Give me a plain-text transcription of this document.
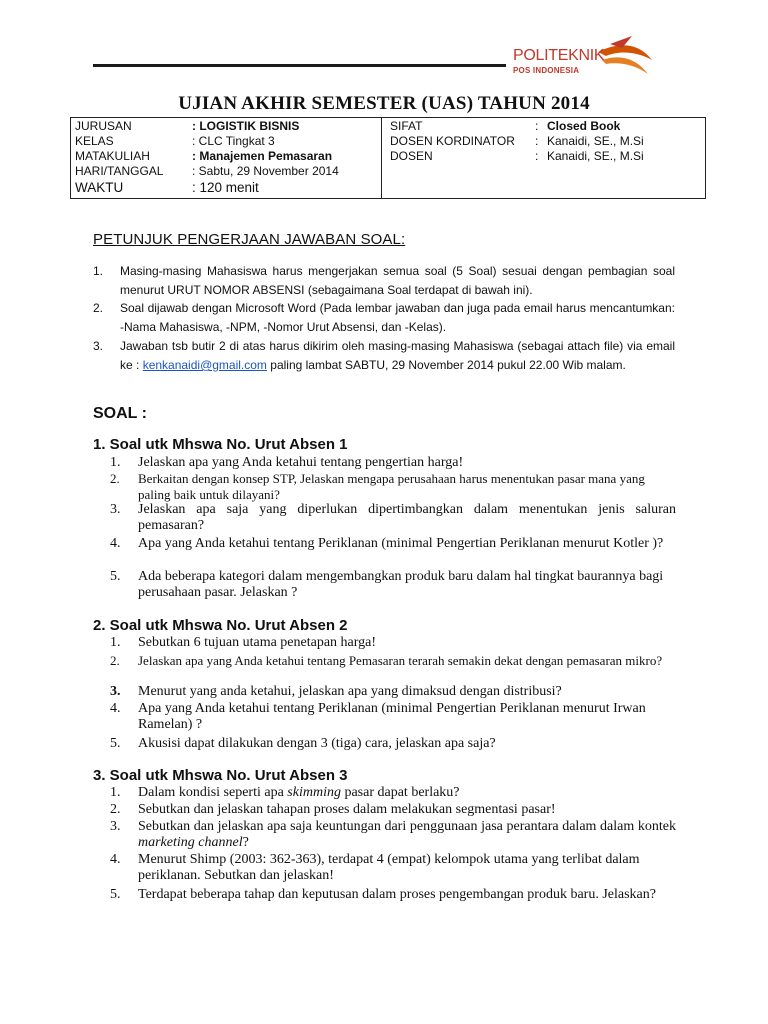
POLITEKNIK
POS INDONESIA
UJIAN AKHIR SEMESTER (UAS) TAHUN 2014
JURUSAN	: LOGISTIK BISNIS
KELAS	: CLC Tingkat 3
MATAKULIAH	: Manajemen Pemasaran
HARI/TANGGAL : Sabtu, 29 November 2014
WAKTU	: 120 menit
SIFAT	: Closed Book
DOSEN KORDINATOR : Kanaidi, SE., M.Si
DOSEN	: Kanaidi, SE., M.Si
PETUNJUK PENGERJAAN JAWABAN SOAL:
1. Masing-masing Mahasiswa harus mengerjakan semua soal (5 Soal) sesuai dengan pembagian soal menurut URUT NOMOR ABSENSI (sebagaimana Soal terdapat di bawah ini).
2. Soal dijawab dengan Microsoft Word (Pada lembar jawaban dan juga pada email harus mencantumkan: -Nama Mahasiswa, -NPM, -Nomor Urut Absensi, dan -Kelas).
3. Jawaban tsb butir 2 di atas harus dikirim oleh masing-masing Mahasiswa (sebagai attach file) via email ke : kenkanaidi@gmail.com paling lambat SABTU, 29 November 2014 pukul 22.00 Wib malam.
SOAL :
1. Soal utk Mhswa No. Urut Absen 1
1. Jelaskan apa yang Anda ketahui tentang pengertian harga!
2. Berkaitan dengan konsep STP, Jelaskan mengapa perusahaan harus menentukan pasar mana yang paling baik untuk dilayani?
3. Jelaskan apa saja yang diperlukan dipertimbangkan dalam menentukan jenis saluran pemasaran?
4. Apa yang Anda ketahui tentang Periklanan (minimal Pengertian Periklanan menurut Kotler )?
5. Ada beberapa kategori dalam mengembangkan produk baru dalam hal tingkat baurannya bagi perusahaan pasar. Jelaskan ?
2. Soal utk Mhswa No. Urut Absen 2
1. Sebutkan 6 tujuan utama penetapan harga!
2. Jelaskan apa yang Anda ketahui tentang Pemasaran terarah semakin dekat dengan pemasaran mikro?
3. Menurut yang anda ketahui, jelaskan apa yang dimaksud dengan distribusi?
4. Apa yang Anda ketahui tentang Periklanan (minimal Pengertian Periklanan menurut Irwan Ramelan) ?
5. Akusisi dapat dilakukan dengan 3 (tiga) cara, jelaskan apa saja?
3. Soal utk Mhswa No. Urut Absen 3
1. Dalam kondisi seperti apa skimming pasar dapat berlaku?
2. Sebutkan dan jelaskan tahapan proses dalam melakukan segmentasi pasar!
3. Sebutkan dan jelaskan apa saja keuntungan dari penggunaan jasa perantara dalam dalam kontek marketing channel?
4. Menurut Shimp (2003: 362-363), terdapat 4 (empat) kelompok utama yang terlibat dalam periklanan. Sebutkan dan jelaskan!
5. Terdapat beberapa tahap dan keputusan dalam proses pengembangan produk baru. Jelaskan?
